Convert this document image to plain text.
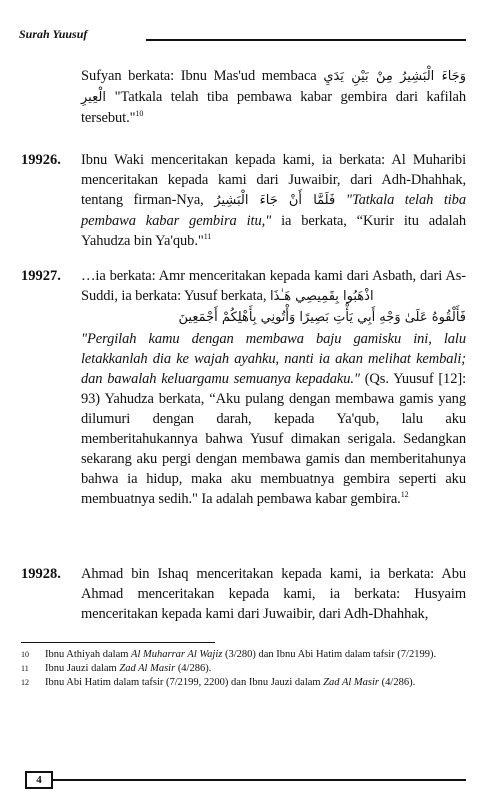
Surah Yuusuf

Sufyan berkata: Ibnu Mas'ud membaca وَجَاءَ الْبَشِيرُ مِنْ بَيْنِ يَدَيِ الْعِيرِ "Tatkala telah tiba pembawa kabar gembira dari kafilah tersebut."$^{10}$

19926. Ibnu Waki menceritakan kepada kami, ia berkata: Al Muharibi menceritakan kepada kami dari Juwaibir, dari Adh-Dhahhak, tentang firman-Nya, فَلَمَّا أَنْ جَاءَ الْبَشِيرُ "Tatkala telah tiba pembawa kabar gembira itu," ia berkata, “Kurir itu adalah Yahudza bin Ya'qub."$^{11}$

19927. …ia berkata: Amr menceritakan kepada kami dari Asbath, dari As-Suddi, ia berkata: Yusuf berkata, اذْهَبُوا بِقَمِيصِي هَـٰذَا

فَأَلْقُوهُ عَلَىٰ وَجْهِ أَبِي يَأْتِ بَصِيرًا وَأْتُونِي بِأَهْلِكُمْ أَجْمَعِينَ

"Pergilah kamu dengan membawa baju gamisku ini, lalu letakkanlah dia ke wajah ayahku, nanti ia akan melihat kembali; dan bawalah keluargamu semuanya kepadaku." (Qs. Yuusuf [12]: 93) Yahudza berkata, “Aku pulang dengan membawa gamis yang dilumuri dengan darah, kepada Ya'qub, lalu aku memberitahukannya bahwa Yusuf dimakan serigala. Sedangkan sekarang aku pergi dengan membawa gamis dan memberitahunya bahwa ia hidup, maka aku membuatnya gembira seperti aku membuatnya sedih." Ia adalah pembawa kabar gembira.$^{12}$

19928. Ahmad bin Ishaq menceritakan kepada kami, ia berkata: Abu Ahmad menceritakan kepada kami, ia berkata: Husyaim menceritakan kepada kami dari Juwaibir, dari Adh-Dhahhak,

10	Ibnu Athiyah dalam Al Muharrar Al Wajiz (3/280) dan Ibnu Abi Hatim dalam tafsir (7/2199).
11	Ibnu Jauzi dalam Zad Al Masir (4/286).
12	Ibnu Abi Hatim dalam tafsir (7/2199, 2200) dan Ibnu Jauzi dalam Zad Al Masir (4/286).
4
